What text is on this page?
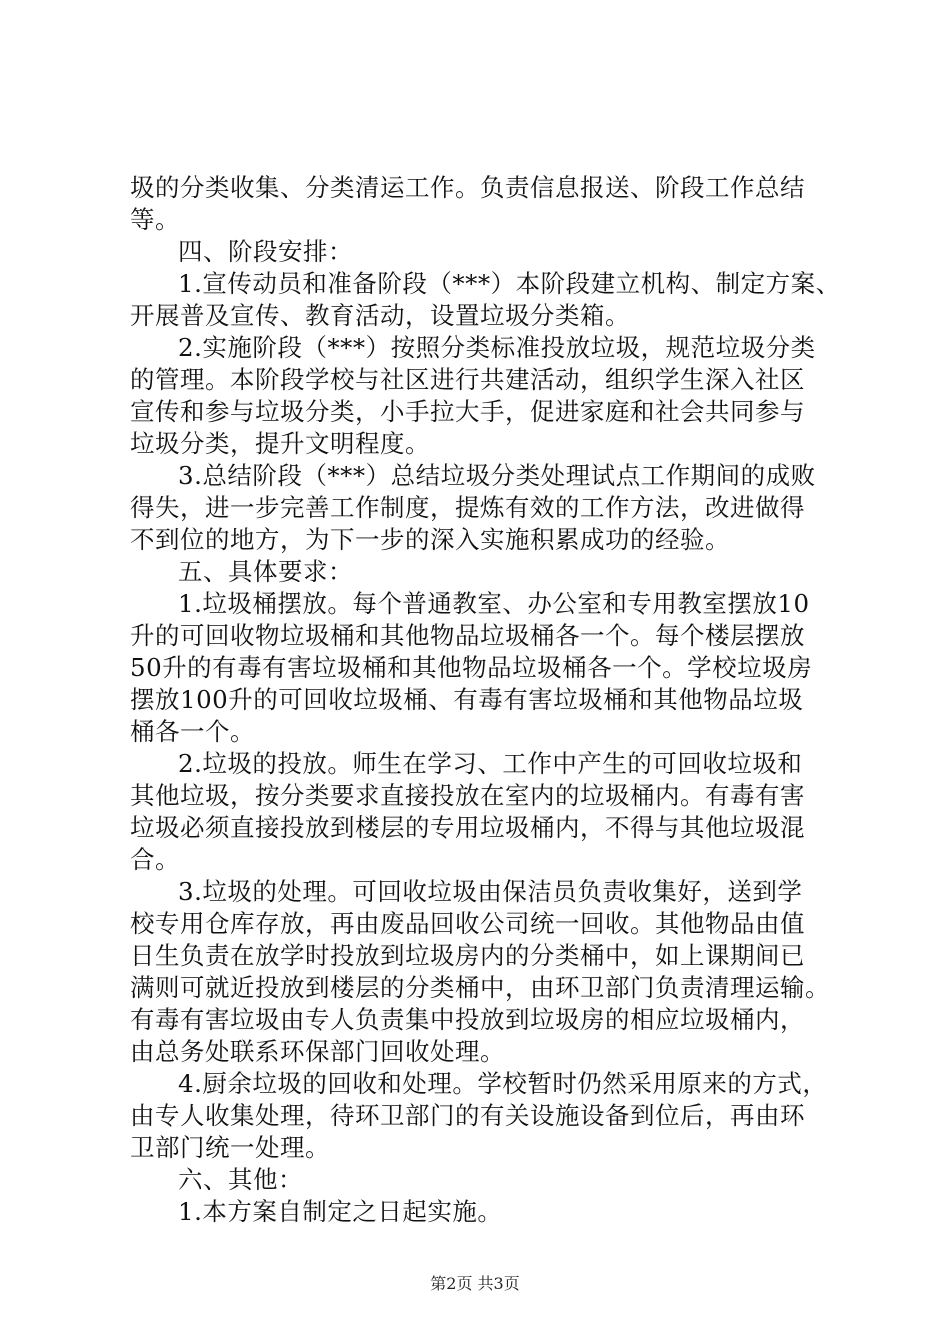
圾的分类收集、分类清运工作。负责信息报送、阶段工作总结
等。
四、阶段安排：
1.宣传动员和准备阶段（***）本阶段建立机构、制定方案、
开展普及宣传、教育活动，设置垃圾分类箱。
2.实施阶段（***）按照分类标准投放垃圾，规范垃圾分类
的管理。本阶段学校与社区进行共建活动，组织学生深入社区
宣传和参与垃圾分类，小手拉大手，促进家庭和社会共同参与
垃圾分类，提升文明程度。
3.总结阶段（***）总结垃圾分类处理试点工作期间的成败
得失，进一步完善工作制度，提炼有效的工作方法，改进做得
不到位的地方，为下一步的深入实施积累成功的经验。
五、具体要求：
1.垃圾桶摆放。每个普通教室、办公室和专用教室摆放10
升的可回收物垃圾桶和其他物品垃圾桶各一个。每个楼层摆放
50升的有毒有害垃圾桶和其他物品垃圾桶各一个。学校垃圾房
摆放100升的可回收垃圾桶、有毒有害垃圾桶和其他物品垃圾
桶各一个。
2.垃圾的投放。师生在学习、工作中产生的可回收垃圾和
其他垃圾，按分类要求直接投放在室内的垃圾桶内。有毒有害
垃圾必须直接投放到楼层的专用垃圾桶内，不得与其他垃圾混
合。
3.垃圾的处理。可回收垃圾由保洁员负责收集好，送到学
校专用仓库存放，再由废品回收公司统一回收。其他物品由值
日生负责在放学时投放到垃圾房内的分类桶中，如上课期间已
满则可就近投放到楼层的分类桶中，由环卫部门负责清理运输。
有毒有害垃圾由专人负责集中投放到垃圾房的相应垃圾桶内，
由总务处联系环保部门回收处理。
4.厨余垃圾的回收和处理。学校暂时仍然采用原来的方式，
由专人收集处理，待环卫部门的有关设施设备到位后，再由环
卫部门统一处理。
六、其他：
1.本方案自制定之日起实施。
第2页 共3页
